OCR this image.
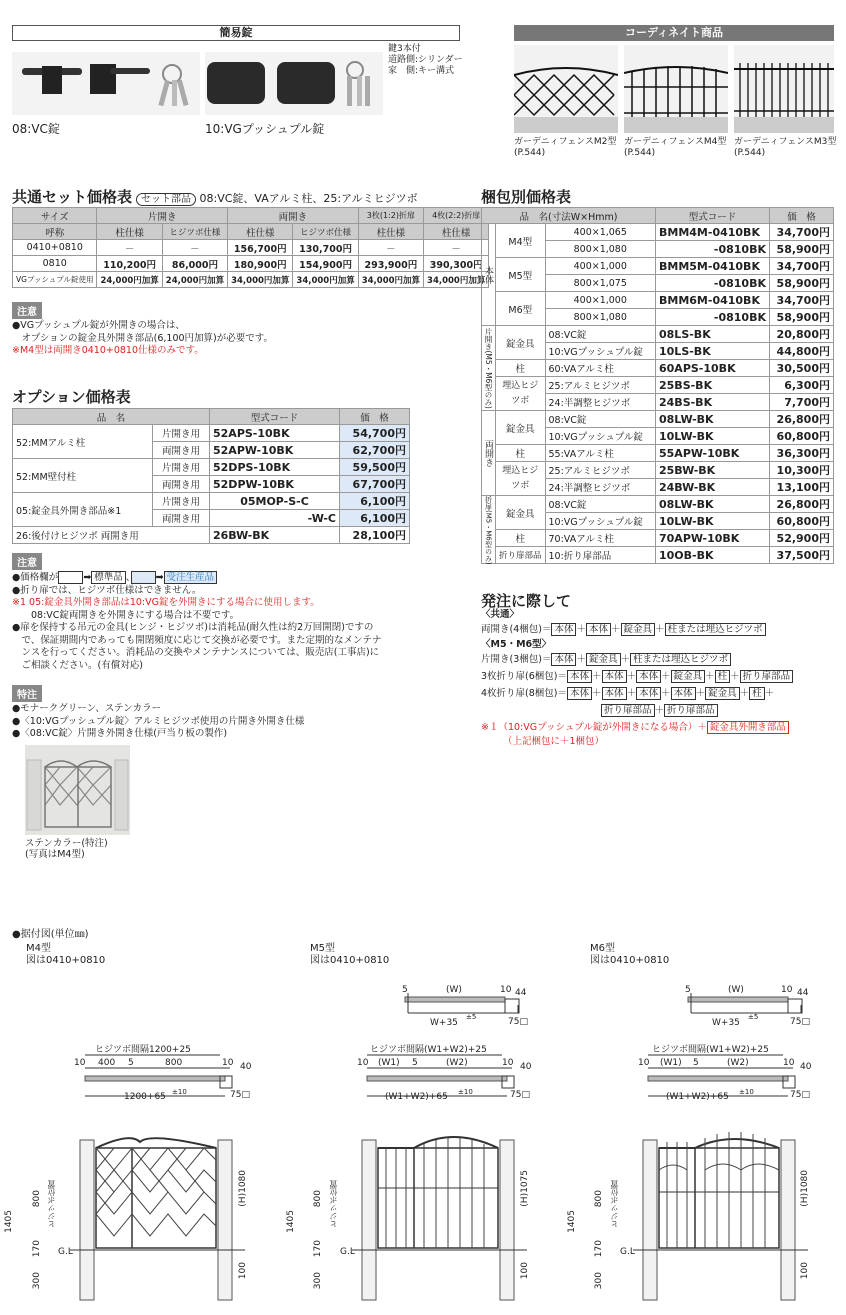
簡易錠
鍵3本付
道路側:シリンダー
家　側:キー溝式
08:VC錠	10:VGプッシュプル錠
コーディネイト商品
ガーデニィフェンスM2型
(P.544)
ガーデニィフェンスM4型
(P.544)
ガーデニィフェンスM3型
(P.544)
共通セット価格表 セット部品 08:VC錠、VAアルミ柱、25:アルミヒジツボ
サイズ	片開き		両開き		3枚(1:2)折扉	4枚(2:2)折扉
呼称	柱仕様	ヒジツボ仕様	柱仕様	ヒジツボ仕様	柱仕様	柱仕様
0410+0810	－	－	156,700円	130,700円	－	－
0810	110,200円	86,000円	180,900円	154,900円	293,900円	390,300円
VGプッシュプル錠使用	24,000円加算	24,000円加算	34,000円加算	34,000円加算	34,000円加算	34,000円加算
注意
●VGプッシュプル錠が外開きの場合は、
　オプションの錠金具外開き部品(6,100円加算)が必要です。
※M4型は両開き0410+0810仕様のみです。
オプション価格表
品　名		型式コード	価　格
52:MMアルミ柱	片開き用	52APS-10BK	54,700円
	両開き用	52APW-10BK	62,700円
52:MM壁付柱	片開き用	52DPS-10BK	59,500円
	両開き用	52DPW-10BK	67,700円
05:錠金具外開き部品※1	片開き用	05MOP-S-C	6,100円
	両開き用	-W-C	6,100円
26:後付けヒジツボ 両開き用		26BW-BK	28,100円
注意
●価格欄が　　	➡ 標準品 、　　	➡ 受注生産品
●折り扉では、ヒジツボ仕様はできません。
※1 05:錠金具外開き部品は10:VG錠を外開きにする場合に使用します。
　　08:VC錠両開きを外開きにする場合は不要です。
●扉を保持する吊元の金具(ヒンジ・ヒジツボ)は消耗品(耐久性は約2万回開閉)ですの
　で、保証期間内であっても開閉頻度に応じて交換が必要です。また定期的なメンテナ
　ンスを行ってください。消耗品の交換やメンテナンスについては、販売店(工事店)に
　ご相談ください。(有償対応)
特注
●モナークグリーン、ステンカラー
●〈10:VGプッシュプル錠〉アルミヒジツボ使用の片開き外開き仕様
●〈08:VC錠〉片開き外開き仕様(戸当り板の製作)
ステンカラー(特注)
(写真はM4型)
梱包別価格表
品　名(寸法W×Hmm)			型式コード	価　格
本体	M4型	400×1,065	BMM4M-0410BK	34,700円
		800×1,080	-0810BK	58,900円
	M5型	400×1,000	BMM5M-0410BK	34,700円
		800×1,075	-0810BK	58,900円
	M6型	400×1,000	BMM6M-0410BK	34,700円
		800×1,080	-0810BK	58,900円
片開き(M5・M6型のみ)	錠金具	08:VC錠	08LS-BK	20,800円
		10:VGプッシュプル錠	10LS-BK	44,800円
	柱	60:VAアルミ柱	60APS-10BK	30,500円
	埋込ヒジツボ	25:アルミヒジツボ	25BS-BK	6,300円
		24:半調整ヒジツボ	24BS-BK	7,700円
両開き	錠金具	08:VC錠	08LW-BK	26,800円
		10:VGプッシュプル錠	10LW-BK	60,800円
	柱	55:VAアルミ柱	55APW-10BK	36,300円
	埋込ヒジツボ	25:アルミヒジツボ	25BW-BK	10,300円
		24:半調整ヒジツボ	24BW-BK	13,100円
折扉(M5・M6型のみ)	錠金具	08:VC錠	08LW-BK	26,800円
		10:VGプッシュプル錠	10LW-BK	60,800円
	柱	70:VAアルミ柱	70APW-10BK	52,900円
	折り扉部品	10:折り扉部品	10OB-BK	37,500円
発注に際して
〈共通〉
両開き(4梱包)＝ 本体 ＋ 本体 ＋ 錠金具 ＋ 柱または埋込ヒジツボ
〈M5・M6型〉
片開き(3梱包)＝ 本体 ＋ 錠金具 ＋ 柱または埋込ヒジツボ
3枚折り扉(6梱包)＝ 本体 ＋ 本体 ＋ 本体 ＋ 錠金具 ＋ 柱 ＋ 折り扉部品
4枚折り扉(8梱包)＝ 本体 ＋ 本体 ＋ 本体 ＋ 本体 ＋ 錠金具 ＋ 柱 ＋
折り扉部品 ＋ 折り扉部品
※１（10:VGプッシュプル錠が外開きになる場合）＋ 錠金具外開き部品
（上記梱包に＋1梱包）
●据付図(単位㎜)
M4型
図は0410+0810
M5型
図は0410+0810
M6型
図は0410+0810
5	(W)	10 44
W+35
±5	75□
5	(W)	10 44
W+35
±5	75□
ヒジツボ間隔1200+25
10 400 5	800	10 40
1200+65 ±10	75□
ヒジツボ間隔(W1+W2)+25
10 (W1) 5	(W2)	10 40
(W1+W2)+65 ±10	75□
ヒジツボ間隔(W1+W2)+25
10 (W1) 5	(W2)	10 40
(W1+W2)+65 ±10	75□
1405
800 ヒジツボ位置
170 G.L
300
(H)1080
100
1405
800 ヒジツボ位置
170 G.L
300
(H)1075
100
1405
800 ヒジツボ位置
170 G.L
300
(H)1080
100
